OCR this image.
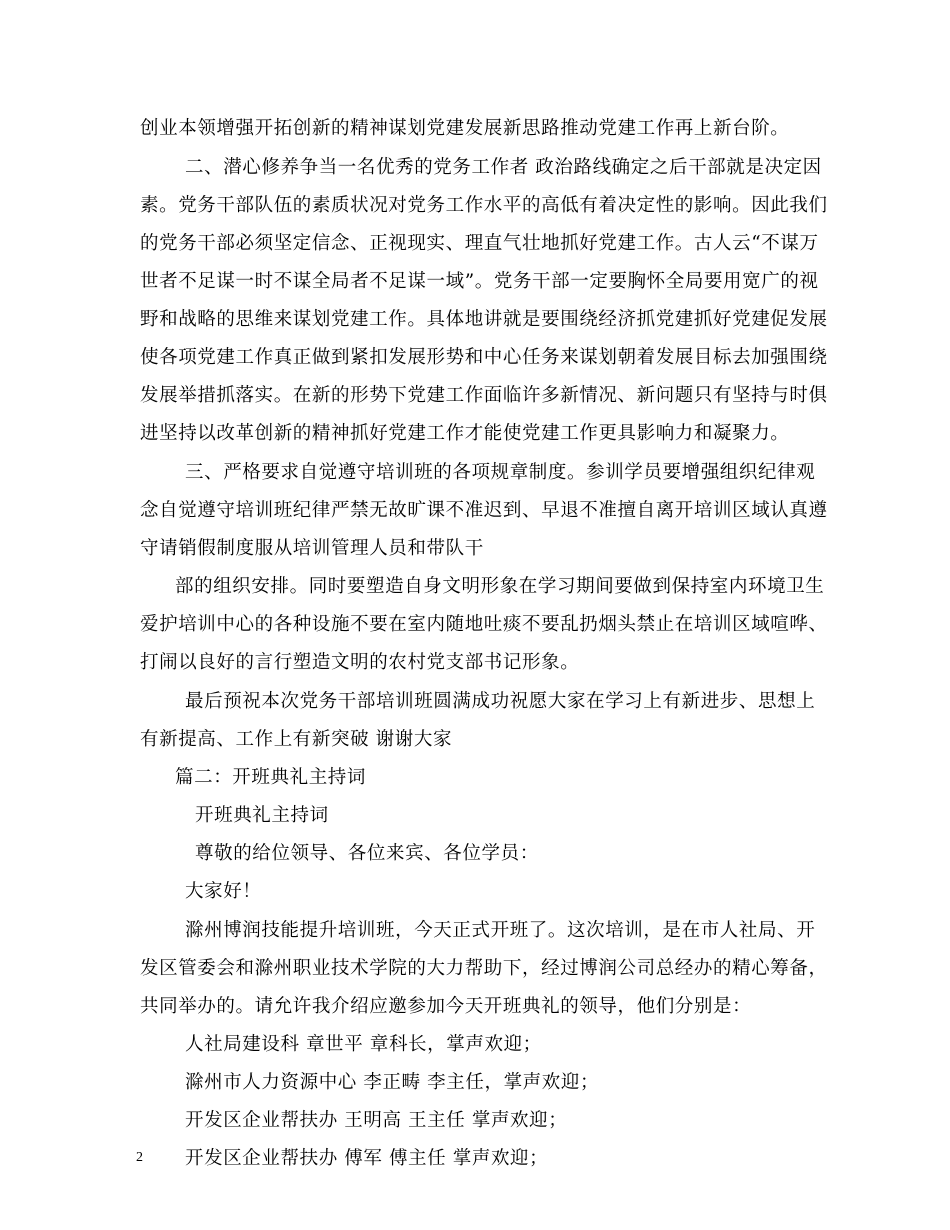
创业本领增强开拓创新的精神谋划党建发展新思路推动党建工作再上新台阶。
二、潜心修养争当一名优秀的党务工作者 政治路线确定之后干部就是决定因
素。党务干部队伍的素质状况对党务工作水平的高低有着决定性的影响。因此我们
的党务干部必须坚定信念、正视现实、理直气壮地抓好党建工作。古人云“不谋万
世者不足谋一时不谋全局者不足谋一域”。党务干部一定要胸怀全局要用宽广的视
野和战略的思维来谋划党建工作。具体地讲就是要围绕经济抓党建抓好党建促发展
使各项党建工作真正做到紧扣发展形势和中心任务来谋划朝着发展目标去加强围绕
发展举措抓落实。在新的形势下党建工作面临许多新情况、新问题只有坚持与时俱
进坚持以改革创新的精神抓好党建工作才能使党建工作更具影响力和凝聚力。
三、严格要求自觉遵守培训班的各项规章制度。参训学员要增强组织纪律观
念自觉遵守培训班纪律严禁无故旷课不准迟到、早退不准擅自离开培训区域认真遵
守请销假制度服从培训管理人员和带队干
部的组织安排。同时要塑造自身文明形象在学习期间要做到保持室内环境卫生
爱护培训中心的各种设施不要在室内随地吐痰不要乱扔烟头禁止在培训区域喧哗、
打闹以良好的言行塑造文明的农村党支部书记形象。
最后预祝本次党务干部培训班圆满成功祝愿大家在学习上有新进步、思想上
有新提高、工作上有新突破 谢谢大家
篇二：开班典礼主持词
开班典礼主持词
尊敬的给位领导、各位来宾、各位学员：
大家好！
滁州博润技能提升培训班，今天正式开班了。这次培训，是在市人社局、开
发区管委会和滁州职业技术学院的大力帮助下，经过博润公司总经办的精心筹备，
共同举办的。请允许我介绍应邀参加今天开班典礼的领导，他们分别是：
人社局建设科 章世平 章科长，掌声欢迎；
滁州市人力资源中心 李正畴 李主任，掌声欢迎；
开发区企业帮扶办 王明高 王主任 掌声欢迎；
开发区企业帮扶办 傅军 傅主任 掌声欢迎；
2
